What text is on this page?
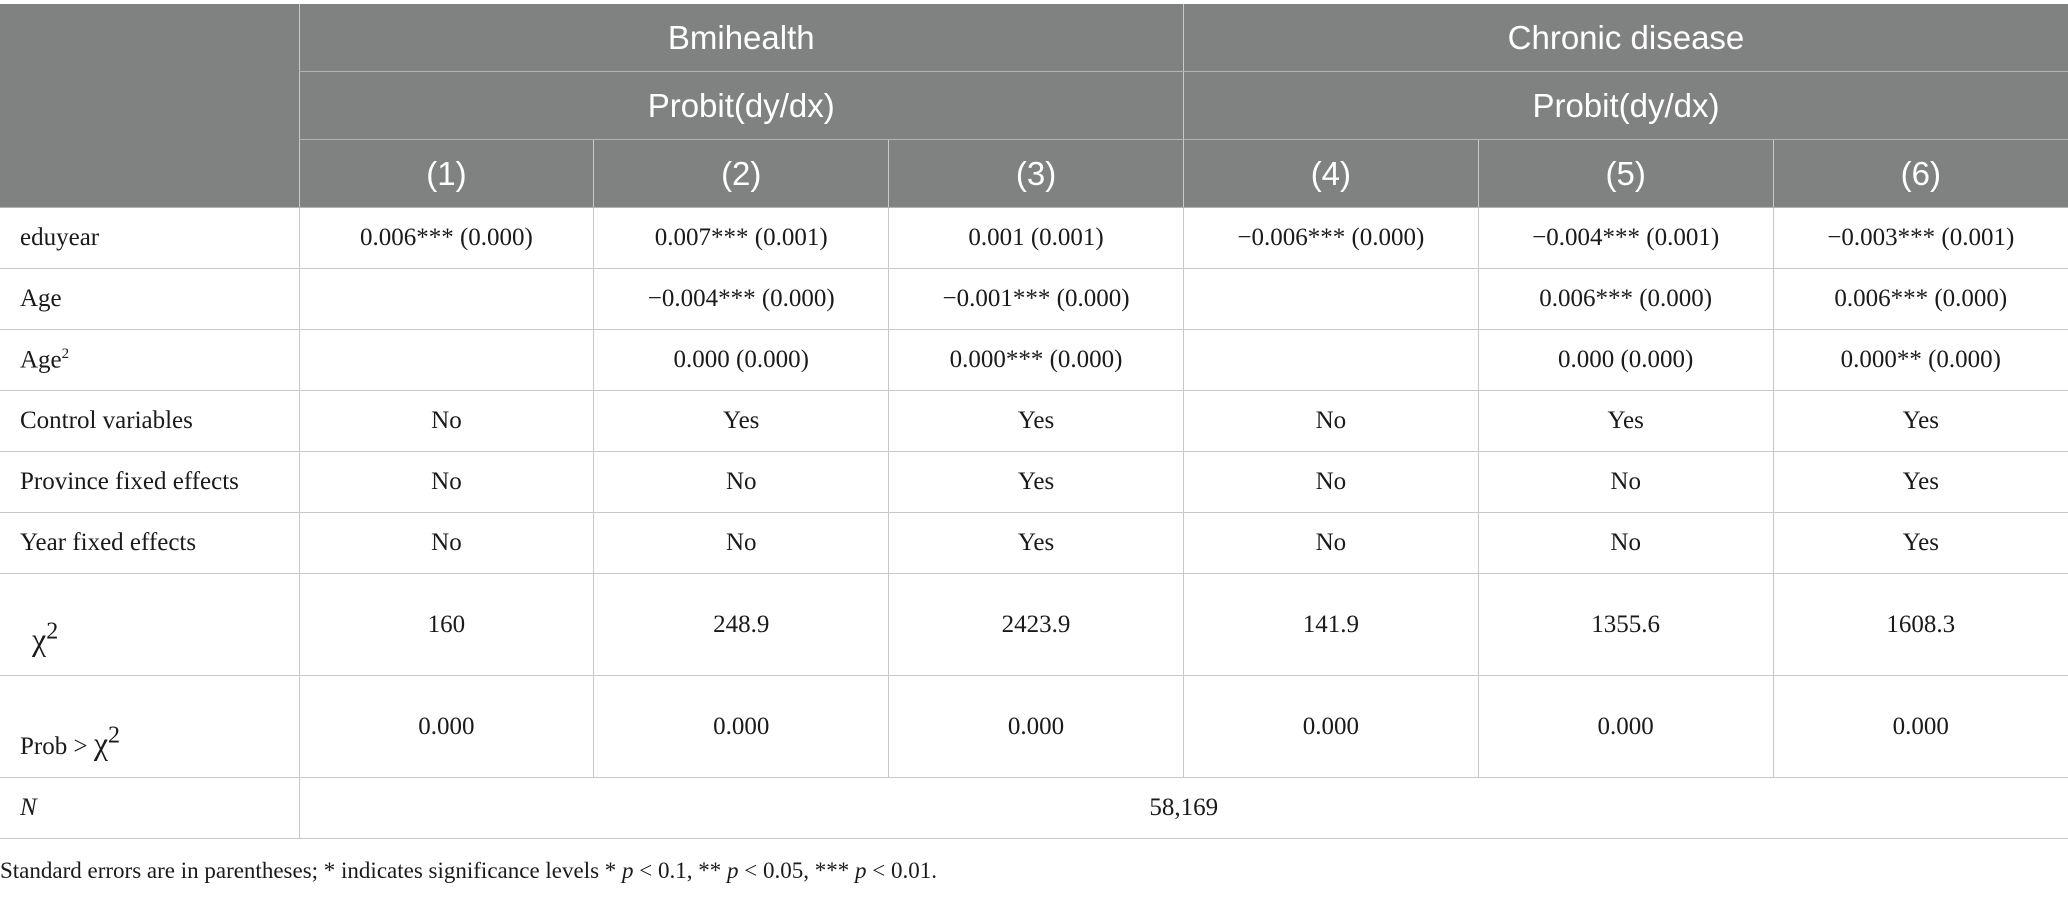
	Bmihealth			Chronic disease		
	Probit(dy/dx)			Probit(dy/dx)		
	(1)	(2)	(3)	(4)	(5)	(6)
eduyear	0.006*** (0.000)	0.007*** (0.001)	0.001 (0.001)	−0.006*** (0.000)	−0.004*** (0.001)	−0.003*** (0.001)
Age		−0.004*** (0.000)	−0.001*** (0.000)		0.006*** (0.000)	0.006*** (0.000)
Age$^2$		0.000 (0.000)	0.000*** (0.000)		0.000 (0.000)	0.000** (0.000)
Control variables	No	Yes	Yes	No	Yes	Yes
Province fixed effects	No	No	Yes	No	No	Yes
Year fixed effects	No	No	Yes	No	No	Yes
$\chi^2$	160	248.9	2423.9	141.9	1355.6	1608.3
Prob > $\chi^2$	0.000	0.000	0.000	0.000	0.000	0.000
N	58,169					
Standard errors are in parentheses; * indicates significance levels * p < 0.1, ** p < 0.05, *** p < 0.01.
